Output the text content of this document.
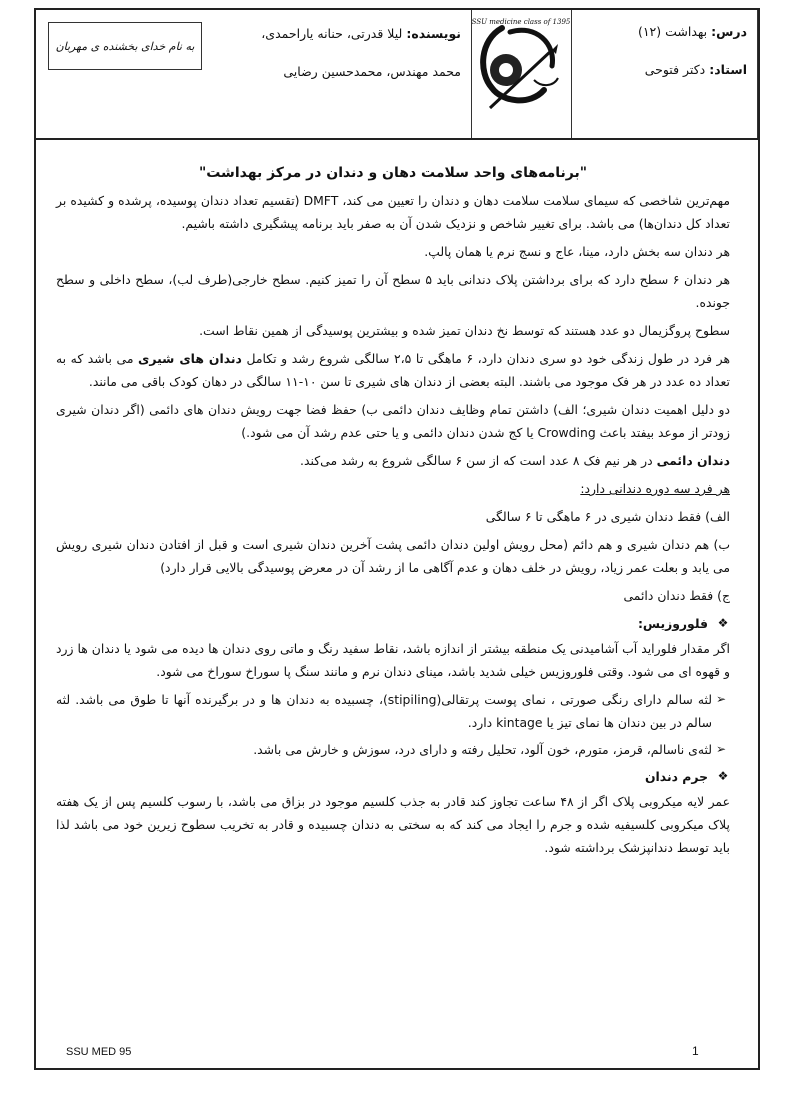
به نام خدای بخشنده ی مهربان
نویسنده: لیلا قدرتی، حنانه یاراحمدی،
محمد مهندس، محمدحسین رضایی
SSU medicine class of 1395
درس: بهداشت (۱۲)
استاد: دکتر فتوحی
"برنامه‌های واحد سلامت دهان و دندان در مرکز بهداشت"

مهم‌ترین شاخصی که سیمای سلامت سلامت دهان و دندان را تعیین می کند، DMFT (تقسیم تعداد دندان پوسیده، پرشده و کشیده بر تعداد کل دندان‌ها) می باشد. برای تغییر شاخص و نزدیک شدن آن به صفر باید برنامه پیشگیری داشته باشیم.

هر دندان سه بخش دارد، مینا، عاج و نسج نرم یا همان پالپ.

هر دندان ۶ سطح دارد که برای برداشتن پلاک دندانی باید ۵ سطح آن را تمیز کنیم. سطح خارجی(طرف لب)، سطح داخلی و سطح جونده.

سطوح پروگزیمال دو عدد هستند که توسط نخ دندان تمیز شده و بیشترین پوسیدگی از همین نقاط است.

هر فرد در طول زندگی خود دو سری دندان دارد، ۶ ماهگی تا ۲،۵ سالگی شروع رشد و تکامل دندان های شیری می باشد که به تعداد ده عدد در هر فک موجود می باشند. البته بعضی از دندان های شیری تا سن ۱۰-۱۱ سالگی در دهان کودک باقی می مانند.

دو دلیل اهمیت دندان شیری؛ الف) داشتن تمام وظایف دندان دائمی ب) حفظ فضا جهت رویش دندان های دائمی (اگر دندان شیری زودتر از موعد بیفتد باعث Crowding یا کج شدن دندان دائمی و یا حتی عدم رشد آن می شود.)

دندان دائمی در هر نیم فک ۸ عدد است که از سن ۶ سالگی شروع به رشد می‌کند.

هر فرد سه دوره دندانی دارد:

الف) فقط دندان شیری در ۶ ماهگی تا ۶ سالگی

ب) هم دندان شیری و هم دائم (محل رویش اولین دندان دائمی پشت آخرین دندان شیری است و قبل از افتادن دندان شیری رویش می یابد و بعلت عمر زیاد، رویش در خلف دهان و عدم آگاهی ما از رشد آن در معرض پوسیدگی بالایی قرار دارد)

ج) فقط دندان دائمی

❖
فلوروزیس:

اگر مقدار فلوراید آب آشامیدنی یک منطقه بیشتر از اندازه باشد، نقاط سفید رنگ و ماتی روی دندان ها دیده می شود یا دندان ها زرد و قهوه ای می شود. وقتی فلوروزیس خیلی شدید باشد، مینای دندان نرم و مانند سنگ پا سوراخ سوراخ می شود.

➢
لثه سالم دارای رنگی صورتی ، نمای پوست پرتقالی(stipiling)، چسبیده به دندان ها و در برگیرنده آنها تا طوق می باشد. لثه سالم در بین دندان ها نمای تیز یا kintage دارد.
➢
لثه‌ی ناسالم، قرمز، متورم، خون آلود، تحلیل رفته و دارای درد، سوزش و خارش می باشد.
❖
جرم دندان

عمر لایه میکروبی پلاک اگر از ۴۸ ساعت تجاوز کند قادر به جذب کلسیم موجود در بزاق می باشد، با رسوب کلسیم پس از یک هفته پلاک میکروبی کلسیفیه شده و جرم را ایجاد می کند که به سختی به دندان چسبیده و قادر به تخریب سطوح زیرین خود می باشد لذا باید توسط دندانپزشک برداشته شود.

SSU MED 95	1
